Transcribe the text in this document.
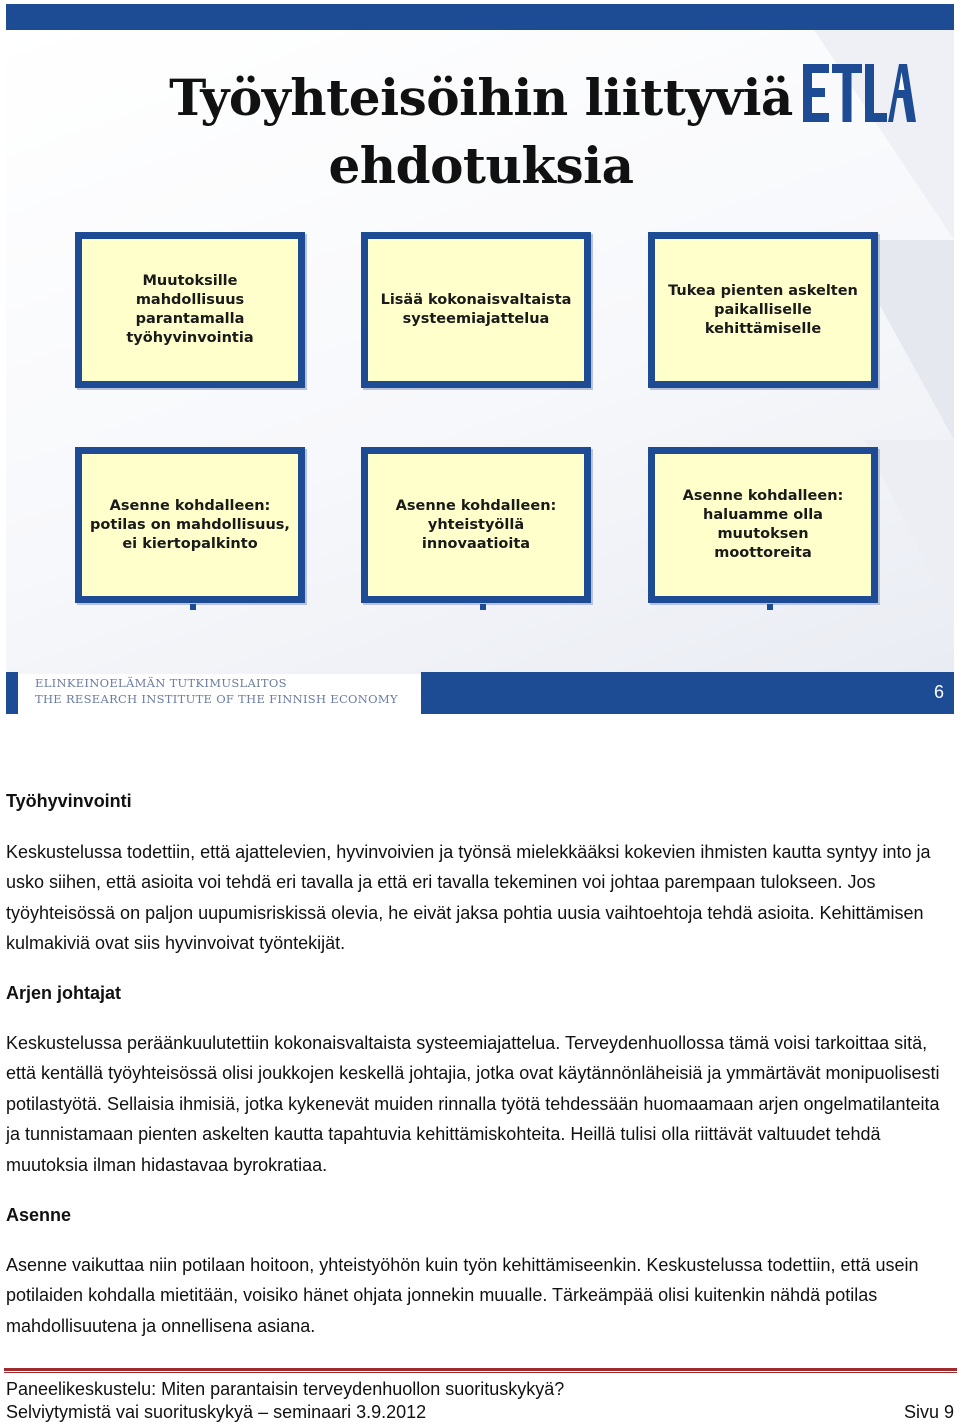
Työyhteisöihin liittyviä ehdotuksia
Muutoksille mahdollisuus
parantamalla
työhyvinvointia
Lisää kokonaisvaltaista
systeemiajattelua
Tukea pienten askelten
paikalliselle kehittämiselle
Asenne kohdalleen:
potilas on mahdollisuus,
ei kiertopalkinto
Asenne kohdalleen:
yhteistyöllä innovaatioita
Asenne kohdalleen:
haluamme olla muutoksen
moottoreita
ELINKEINOELÄMÄN TUTKIMUSLAITOS
THE RESEARCH INSTITUTE OF THE FINNISH ECONOMY	6
Työhyvinvointi

Keskustelussa todettiin, että ajattelevien, hyvinvoivien ja työnsä mielekkääksi kokevien ihmisten kautta syntyy into ja usko siihen, että asioita voi tehdä eri tavalla ja että eri tavalla tekeminen voi johtaa parempaan tulokseen. Jos työyhteisössä on paljon uupumisriskissä olevia, he eivät jaksa pohtia uusia vaihtoehtoja tehdä asioita. Kehittämisen kulmakiviä ovat siis hyvinvoivat työntekijät.

Arjen johtajat

Keskustelussa peräänkuulutettiin kokonaisvaltaista systeemiajattelua. Terveydenhuollossa tämä voisi tarkoittaa sitä, että kentällä työyhteisössä olisi joukkojen keskellä johtajia, jotka ovat käytännönläheisiä ja ymmärtävät monipuolisesti potilastyötä. Sellaisia ihmisiä, jotka kykenevät muiden rinnalla työtä tehdessään huomaamaan arjen ongelmatilanteita ja tunnistamaan pienten askelten kautta tapahtuvia kehittämiskohteita. Heillä tulisi olla riittävät valtuudet tehdä muutoksia ilman hidastavaa byrokratiaa.

Asenne

Asenne vaikuttaa niin potilaan hoitoon, yhteistyöhön kuin työn kehittämiseenkin. Keskustelussa todettiin, että usein potilaiden kohdalla mietitään, voisiko hänet ohjata jonnekin muualle. Tärkeämpää olisi kuitenkin nähdä potilas mahdollisuutena ja onnellisena asiana.

Paneelikeskustelu: Miten parantaisin terveydenhuollon suorituskykyä?
Selviytymistä vai suorituskykyä – seminaari 3.9.2012	Sivu 9
